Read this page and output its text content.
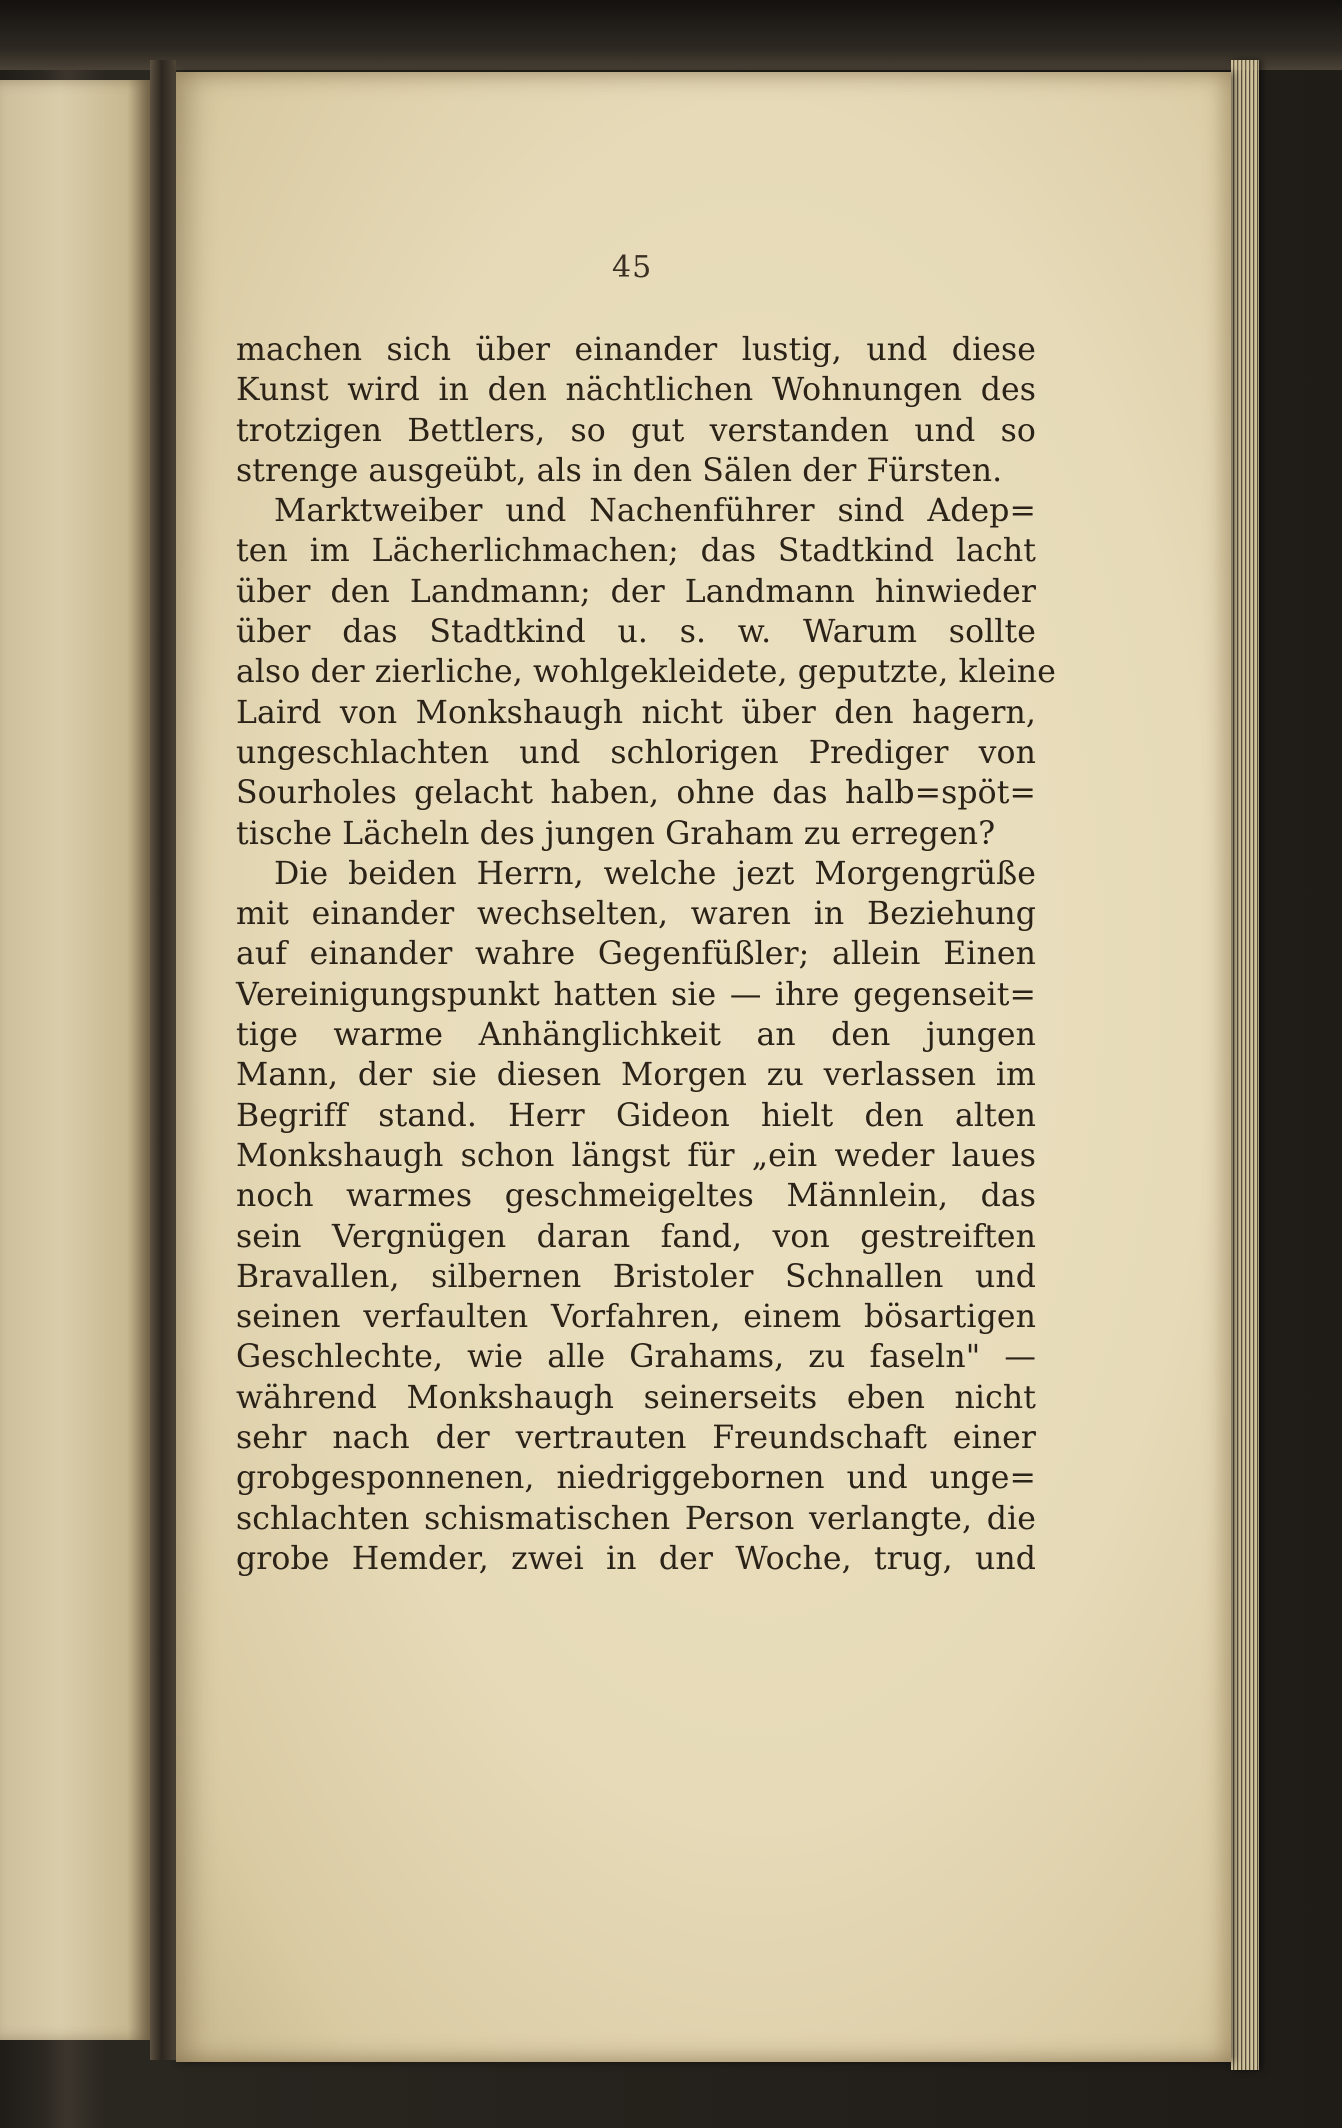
45
machen sich über einander lustig, und diese
Kunst wird in den nächtlichen Wohnungen des
trotzigen Bettlers, so gut verstanden und so
strenge ausgeübt, als in den Sälen der Fürsten.
Marktweiber und Nachenführer sind Adep=
ten im Lächerlichmachen; das Stadtkind lacht
über den Landmann; der Landmann hinwieder
über das Stadtkind u. s. w. Warum sollte
also der zierliche, wohlgekleidete, geputzte, kleine
Laird von Monkshaugh nicht über den hagern,
ungeschlachten und schlorigen Prediger von
Sourholes gelacht haben, ohne das halb=spöt=
tische Lächeln des jungen Graham zu erregen?
Die beiden Herrn, welche jezt Morgengrüße
mit einander wechselten, waren in Beziehung
auf einander wahre Gegenfüßler; allein Einen
Vereinigungspunkt hatten sie — ihre gegenseit=
tige warme Anhänglichkeit an den jungen
Mann, der sie diesen Morgen zu verlassen im
Begriff stand. Herr Gideon hielt den alten
Monkshaugh schon längst für „ein weder laues
noch warmes geschmeigeltes Männlein, das
sein Vergnügen daran fand, von gestreiften
Bravallen, silbernen Bristoler Schnallen und
seinen verfaulten Vorfahren, einem bösartigen
Geschlechte, wie alle Grahams, zu faseln" —
während Monkshaugh seinerseits eben nicht
sehr nach der vertrauten Freundschaft einer
grobgesponnenen, niedriggebornen und unge=
schlachten schismatischen Person verlangte, die
grobe Hemder, zwei in der Woche, trug, und
